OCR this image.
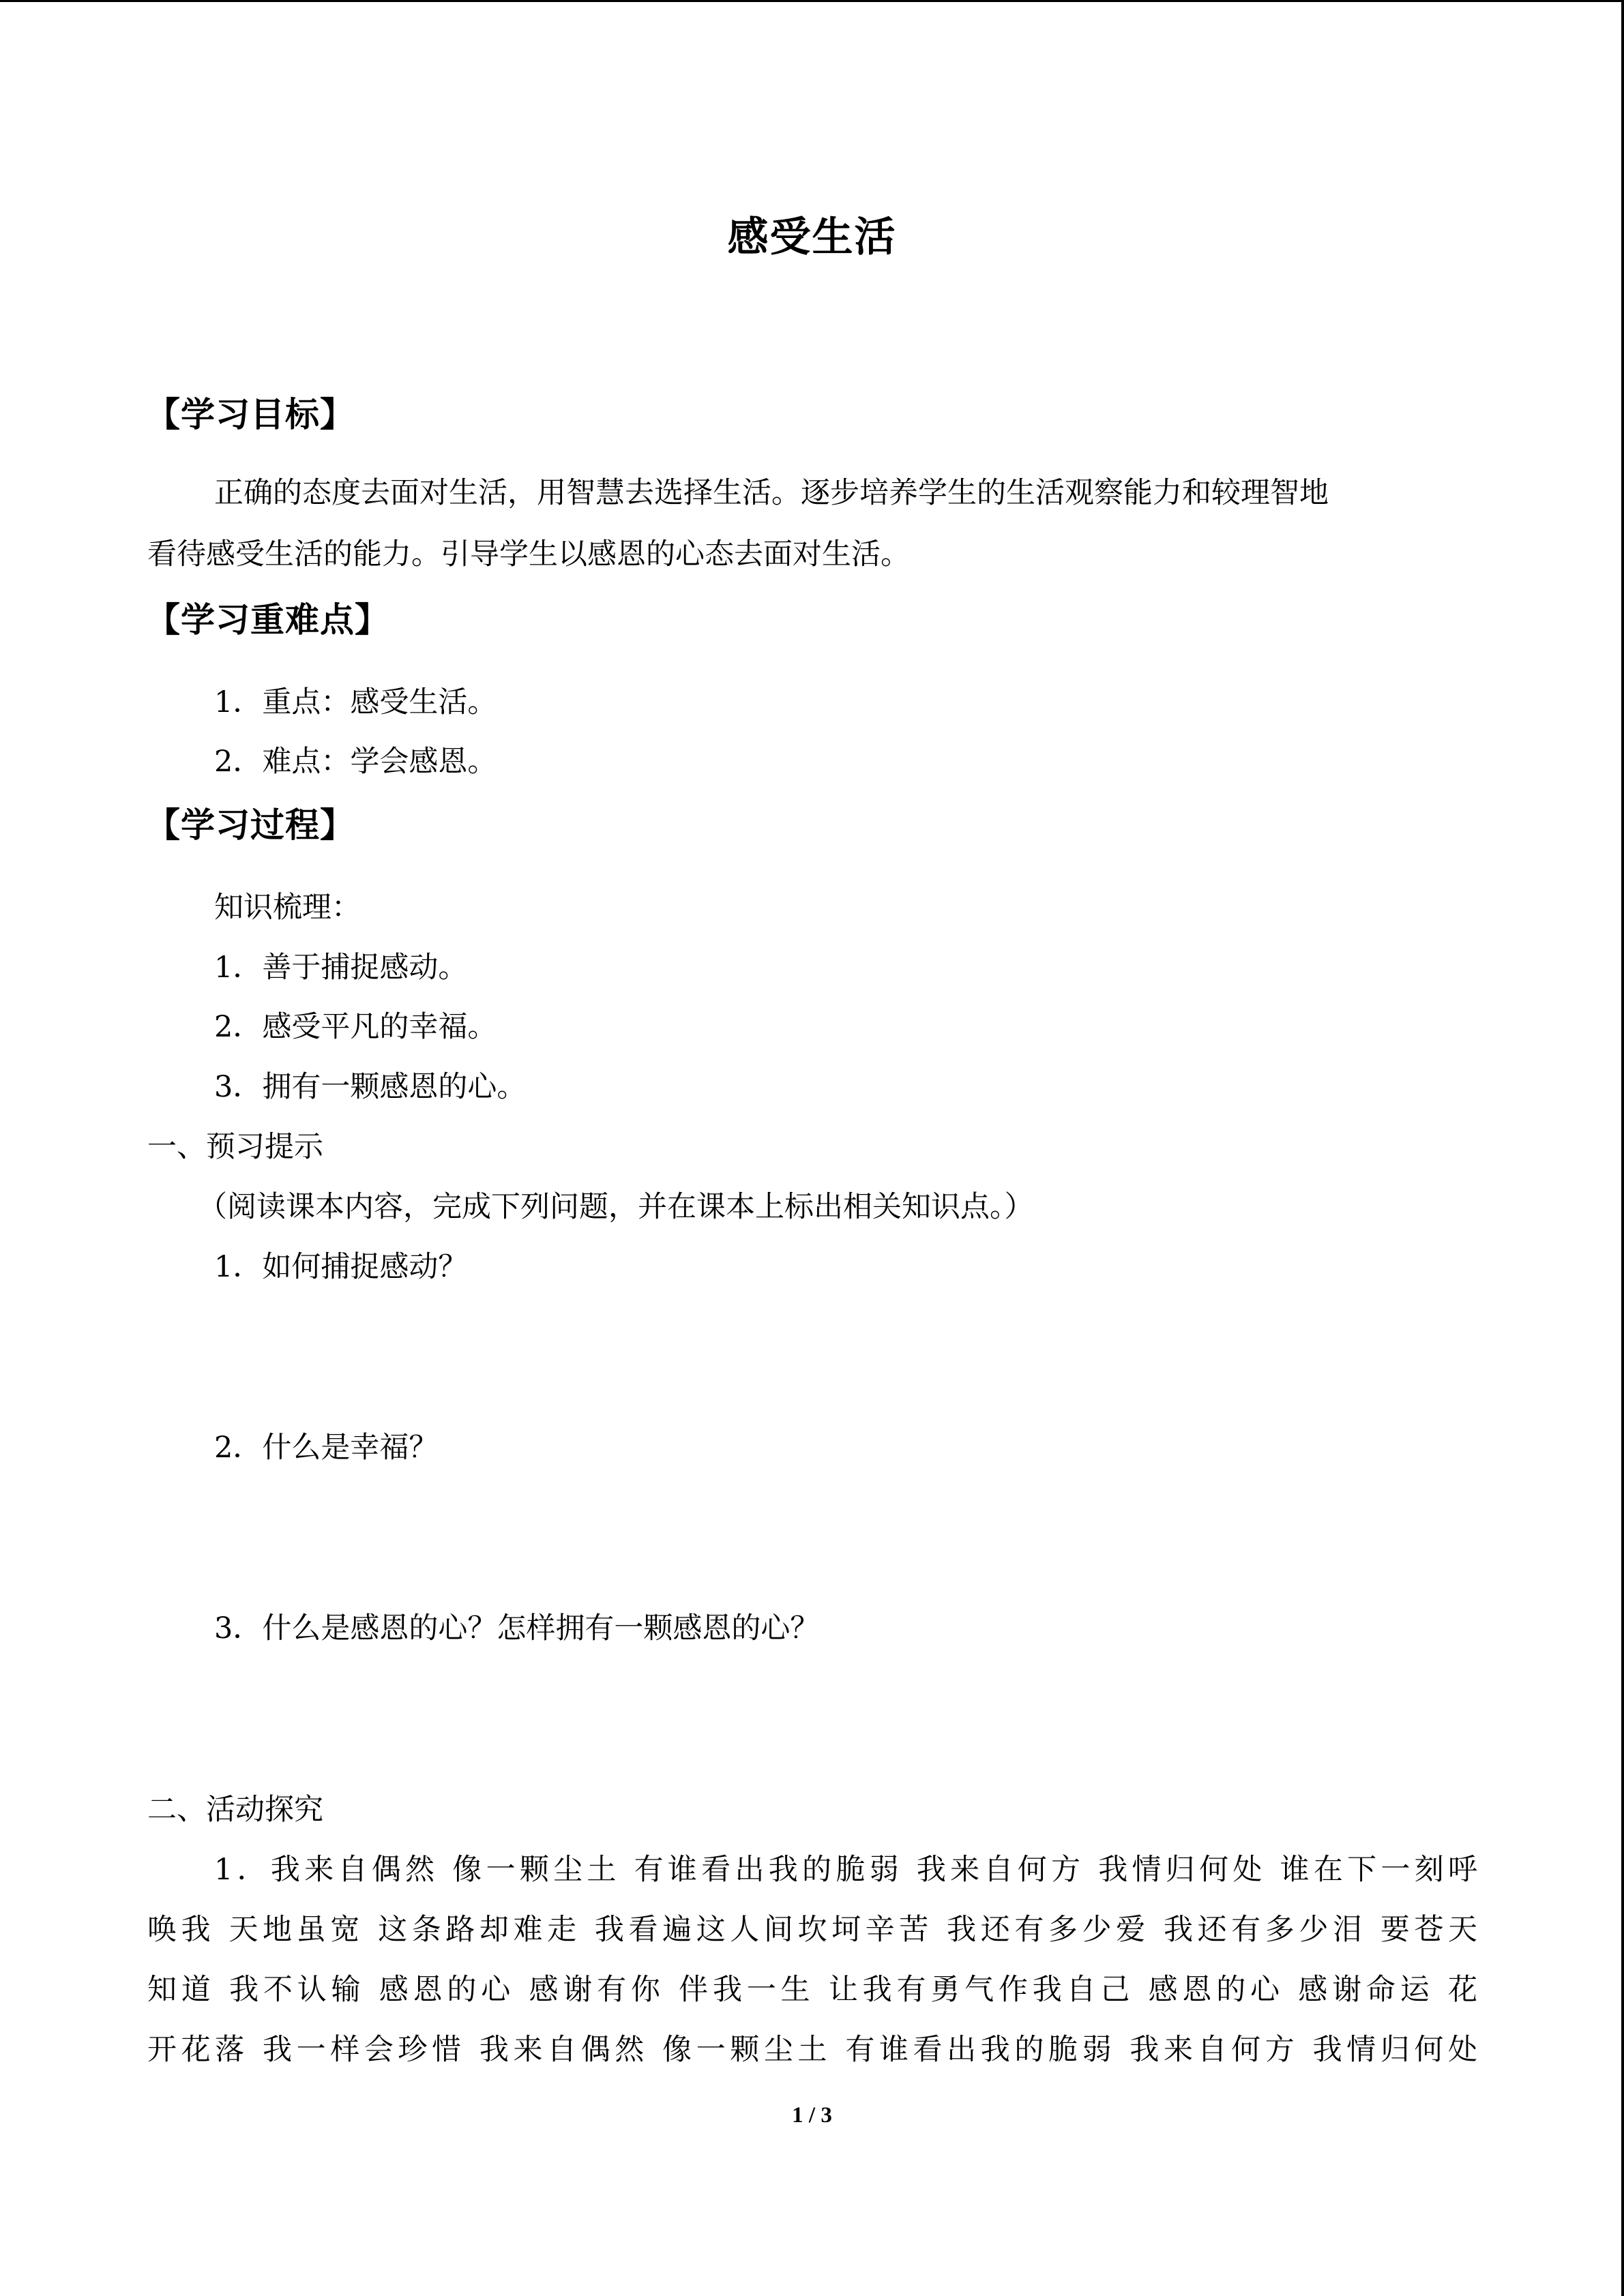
感受生活
【学习目标】
正确的态度去面对生活，用智慧去选择生活。逐步培养学生的生活观察能力和较理智地
看待感受生活的能力。引导学生以感恩的心态去面对生活。
【学习重难点】
1．重点：感受生活。
2．难点：学会感恩。
【学习过程】
知识梳理：
1．善于捕捉感动。
2．感受平凡的幸福。
3．拥有一颗感恩的心。
一、预习提示
（阅读课本内容，完成下列问题，并在课本上标出相关知识点。）
1．如何捕捉感动？
2．什么是幸福？
3．什么是感恩的心？怎样拥有一颗感恩的心？
二、活动探究
1．我来自偶然 像一颗尘土 有谁看出我的脆弱 我来自何方 我情归何处 谁在下一刻呼
唤我 天地虽宽 这条路却难走 我看遍这人间坎坷辛苦 我还有多少爱 我还有多少泪 要苍天
知道 我不认输 感恩的心 感谢有你 伴我一生 让我有勇气作我自己 感恩的心 感谢命运 花
开花落 我一样会珍惜 我来自偶然 像一颗尘土 有谁看出我的脆弱 我来自何方 我情归何处
1 / 3
